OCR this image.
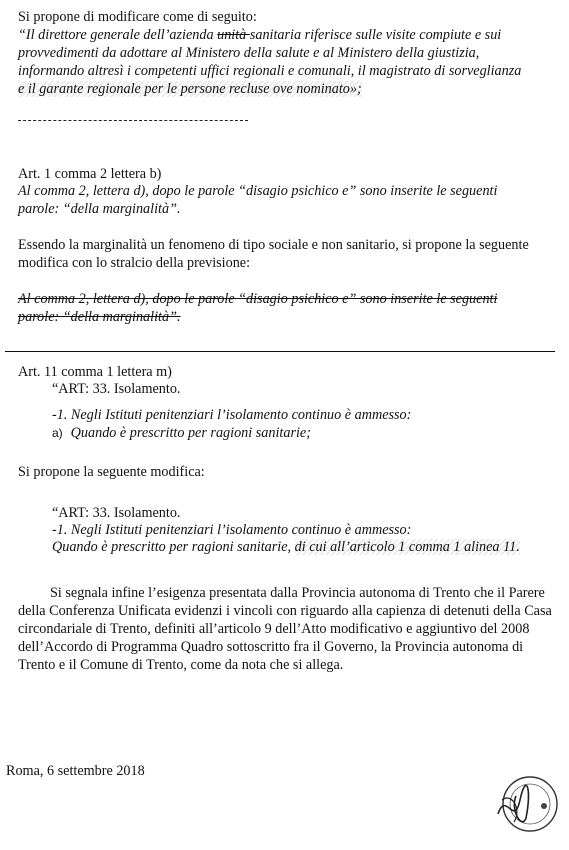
Si propone di modificare come di seguito:
“Il direttore generale dell’azienda unità sanitaria riferisce sulle visite compiute e sui
provvedimenti da adottare al Ministero della salute e al Ministero della giustizia,
informando altresì i competenti uffici regionali e comunali, il magistrato di sorveglianza
e il garante regionale per le persone recluse ove nominato»;
Art. 1 comma 2 lettera b)
Al comma 2, lettera d), dopo le parole “disagio psichico e” sono inserite le seguenti
parole: “della marginalità”.
Essendo la marginalità un fenomeno di tipo sociale e non sanitario, si propone la seguente
modifica con lo stralcio della previsione:
Al comma 2, lettera d), dopo le parole “disagio psichico e” sono inserite le seguenti
parole: “della marginalità”.
Art. 11 comma 1 lettera m)
“ART: 33. Isolamento.
-1. Negli Istituti penitenziari l’isolamento continuo è ammesso:
a) Quando è prescritto per ragioni sanitarie;
Si propone la seguente modifica:
“ART: 33. Isolamento.
-1. Negli Istituti penitenziari l’isolamento continuo è ammesso:
Quando è prescritto per ragioni sanitarie, di cui all’articolo 1 comma 1 alinea 11.
Si segnala infine l’esigenza presentata dalla Provincia autonoma di Trento che il Parere
della Conferenza Unificata evidenzi i vincoli con riguardo alla capienza di detenuti della Casa
circondariale di Trento, definiti all’articolo 9 dell’Atto modificativo e aggiuntivo del 2008
dell’Accordo di Programma Quadro sottoscritto fra il Governo, la Provincia autonoma di
Trento e il Comune di Trento, come da nota che si allega.
Roma, 6 settembre 2018
